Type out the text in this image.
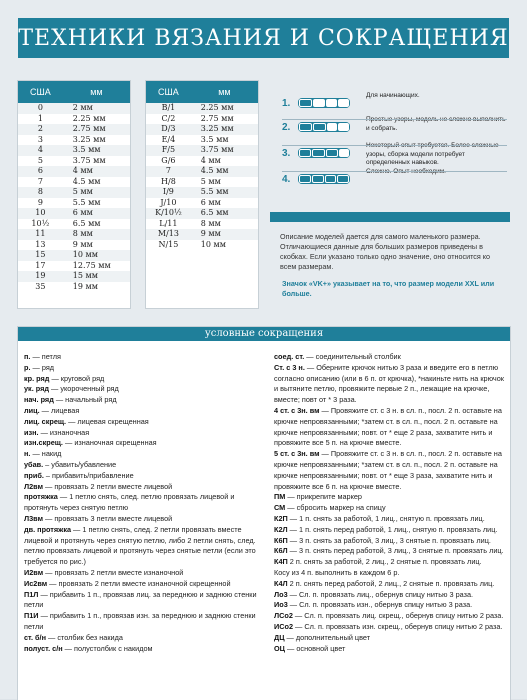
ТЕХНИКИ ВЯЗАНИЯ И СОКРАЩЕНИЯ
США	мм
0	2 мм
1	2.25 мм
2	2.75 мм
3	3.25 мм
4	3.5 мм
5	3.75 мм
6	4 мм
7	4.5 мм
8	5 мм
9	5.5 мм
10	6 мм
10½	6.5 мм
11	8 мм
13	9 мм
15	10 мм
17	12.75 мм
19	15 мм
35	19 мм
США	мм
B/1	2.25 мм
C/2	2.75 мм
D/3	3.25 мм
E/4	3.5 мм
F/5	3.75 мм
G/6	4 мм
7	4.5 мм
H/8	5 мм
I/9	5.5 мм
J/10	6 мм
K/10½	6.5 мм
L/11	8 мм
M/13	9 мм
N/15	10 мм
1.
Для начинающих.
2.	и собрать.
3.	узоры, сборка модели потребует определенных навыков.
4.

Описание моделей дается для самого маленького размера. Отличающиеся данные для больших размеров приведены в скобках. Если указано только одно значение, оно относится ко всем размерам.

Значок «VK+» указывает на то, что размер модели XXL или больше.

условные сокращения

п. — петля

р. — ряд

кр. ряд — круговой ряд

ук. ряд — укороченный ряд

нач. ряд — начальный ряд

лиц. — лицевая

лиц. скрещ. — лицевая скрещенная

изн. — изнаночная

изн.скрещ. — изнаночная скрещенная

н. — накид

убав. – убавить/убавление

приб. – прибавить/прибавление

Л2вм — провязать 2 петли вместе лицевой

протяжка — 1 петлю снять, след. петлю провязать лицевой и протянуть через снятую петлю

Л3вм — провязать 3 петли вместе лицевой

дв. протяжка — 1 петлю снять, след. 2 петли провязать вместе лицевой и протянуть через снятую петлю, либо 2 петли снять, след. петлю провязать лицевой и протянуть через снятые петли (если это требуется по рис.)

И2вм — провязать 2 петли вместе изнаночной

Ис2вм — провязать 2 петли вместе изнаночной скрещенной

П1Л — прибавить 1 п., провязав лиц. за переднюю и заднюю стенки петли

П1И — прибавить 1 п., провязав изн. за переднюю и заднюю стенки петли

ст. б/н — столбик без накида

полуст. с/н — полустолбик с накидом

соед. ст. — соединительный столбик

Ст. с 3 н. — Оберните крючок нитью 3 раза и введите его в петлю согласно описанию (или в 6 п. от крючка), *накиньте нить на крючок и вытяните петлю, провяжите первые 2 п., лежащие на крючке, вместе; повт от * 3 раза.

4 ст. с 3н. вм — Провяжите ст. с 3 н. в сл. п., посл. 2 п. оставьте на крючке непровязанными; *затем ст. в сл. п., посл. 2 п. оставьте на крючке непровязанными; повт. от * еще 2 раза, захватите нить и провяжите все 5 п. на крючке вместе.

5 ст. с 3н. вм — Провяжите ст. с 3 н. в сл. п., посл. 2 п. оставьте на крючке непровязанными; *затем ст. в сл. п., посл. 2 п. оставьте на крючке непровязанными; повт. от * еще 3 раза, захватите нить и провяжите все 6 п. на крючке вместе.

ПМ — прикрепите маркер

СМ — сбросить маркер на спицу

К2П — 1 п. снять за работой, 1 лиц., снятую п. провязать лиц.

К2Л — 1 п. снять перед работой, 1 лиц., снятую п. провязать лиц.

К6П — 3 п. снять за работой, 3 лиц., 3 снятые п. провязать лиц.

К6Л — 3 п. снять перед работой, 3 лиц., 3 снятые п. провязать лиц.

К4П 2 п. снять за работой, 2 лиц., 2 снятые п. провязать лиц.

Косу из 4 п. выполнить в каждом 6 р.

К4Л 2 п. снять перед работой, 2 лиц., 2 снятые п. провязать лиц.

Ло3 — Сл. п. провязать лиц., обернув спицу нитью 3 раза.

Ио3 — Сл. п. провязать изн., обернув спицу нитью 3 раза.

ЛСо2 — Сл. п. провязать лиц. скрещ., обернув спицу нитью 2 раза.

ИСо2 — Сл. п. провязать изн. скрещ., обернув спицу нитью 2 раза.

ДЦ — дополнительный цвет

ОЦ — основной цвет
